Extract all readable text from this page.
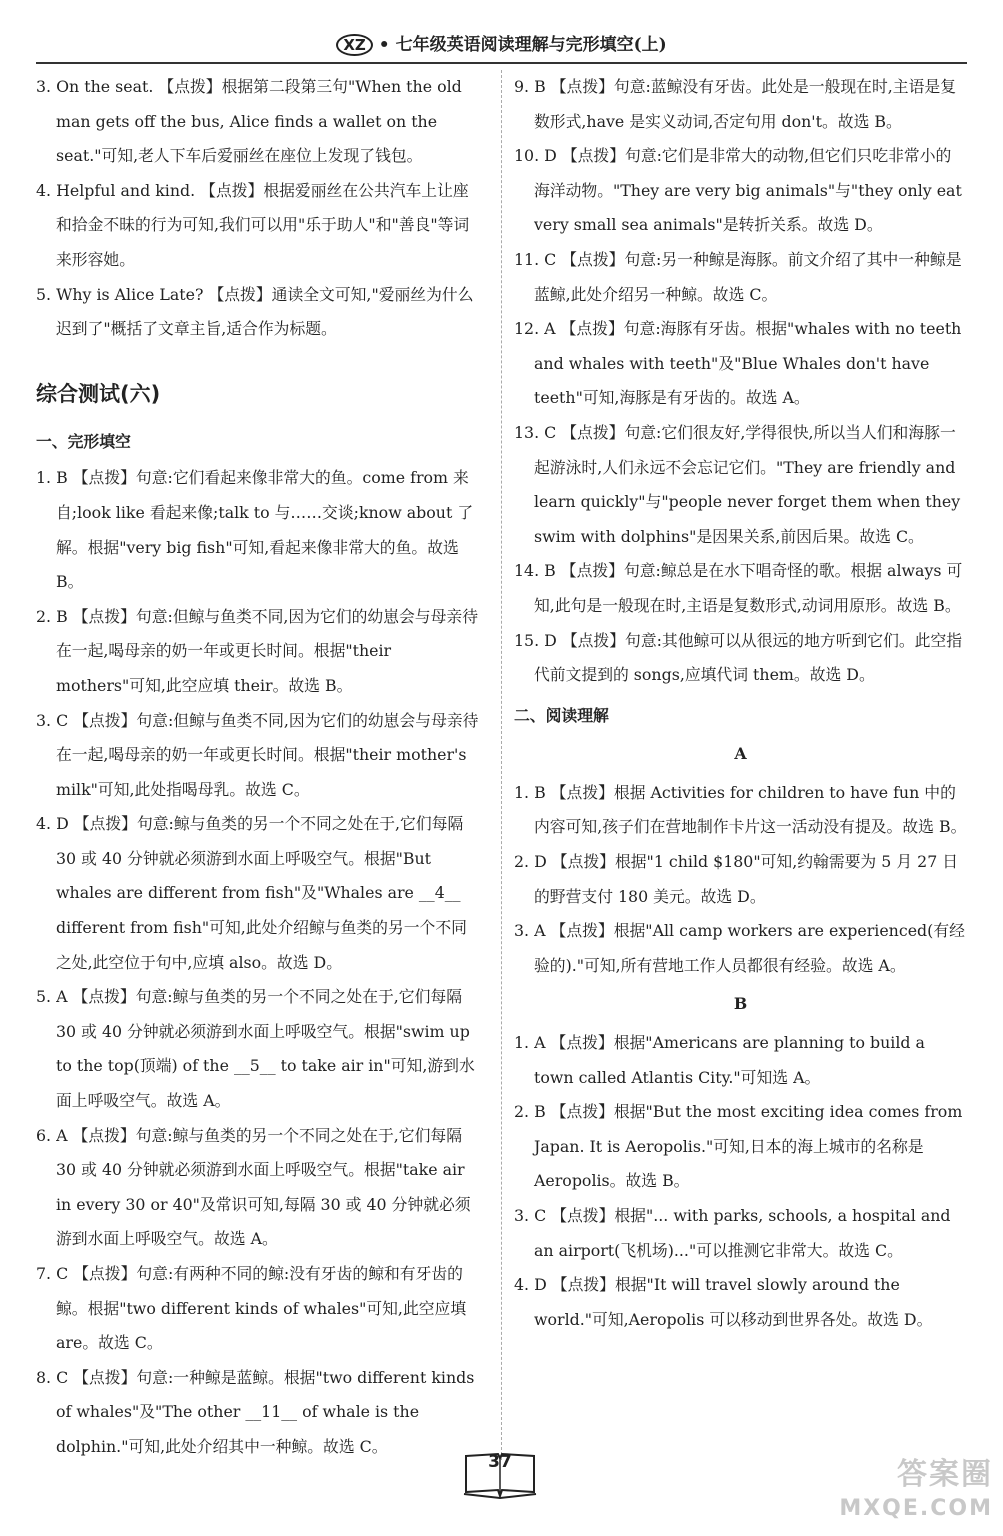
XZ • 七年级英语阅读理解与完形填空(上)

3. On the seat. 【点拨】根据第二段第三句"When the old man gets off the bus, Alice finds a wallet on the seat."可知,老人下车后爱丽丝在座位上发现了钱包。

4. Helpful and kind. 【点拨】根据爱丽丝在公共汽车上让座和拾金不昧的行为可知,我们可以用"乐于助人"和"善良"等词来形容她。

5. Why is Alice Late? 【点拨】通读全文可知,"爱丽丝为什么迟到了"概括了文章主旨,适合作为标题。

综合测试(六)
一、完形填空

1. B 【点拨】句意:它们看起来像非常大的鱼。come from 来自;look like 看起来像;talk to 与……交谈;know about 了解。根据"very big fish"可知,看起来像非常大的鱼。故选 B。

2. B 【点拨】句意:但鲸与鱼类不同,因为它们的幼崽会与母亲待在一起,喝母亲的奶一年或更长时间。根据"their mothers"可知,此空应填 their。故选 B。

3. C 【点拨】句意:但鲸与鱼类不同,因为它们的幼崽会与母亲待在一起,喝母亲的奶一年或更长时间。根据"their mother's milk"可知,此处指喝母乳。故选 C。

4. D 【点拨】句意:鲸与鱼类的另一个不同之处在于,它们每隔 30 或 40 分钟就必须游到水面上呼吸空气。根据"But whales are different from fish"及"Whales are __4__ different from fish"可知,此处介绍鲸与鱼类的另一个不同之处,此空位于句中,应填 also。故选 D。

5. A 【点拨】句意:鲸与鱼类的另一个不同之处在于,它们每隔 30 或 40 分钟就必须游到水面上呼吸空气。根据"swim up to the top(顶端) of the __5__ to take air in"可知,游到水面上呼吸空气。故选 A。

6. A 【点拨】句意:鲸与鱼类的另一个不同之处在于,它们每隔 30 或 40 分钟就必须游到水面上呼吸空气。根据"take air in every 30 or 40"及常识可知,每隔 30 或 40 分钟就必须游到水面上呼吸空气。故选 A。

7. C 【点拨】句意:有两种不同的鲸:没有牙齿的鲸和有牙齿的鲸。根据"two different kinds of whales"可知,此空应填 are。故选 C。

8. C 【点拨】句意:一种鲸是蓝鲸。根据"two different kinds of whales"及"The other __11__ of whale is the dolphin."可知,此处介绍其中一种鲸。故选 C。

9. B 【点拨】句意:蓝鲸没有牙齿。此处是一般现在时,主语是复数形式,have 是实义动词,否定句用 don't。故选 B。

10. D 【点拨】句意:它们是非常大的动物,但它们只吃非常小的海洋动物。"They are very big animals"与"they only eat very small sea animals"是转折关系。故选 D。

11. C 【点拨】句意:另一种鲸是海豚。前文介绍了其中一种鲸是蓝鲸,此处介绍另一种鲸。故选 C。

12. A 【点拨】句意:海豚有牙齿。根据"whales with no teeth and whales with teeth"及"Blue Whales don't have teeth"可知,海豚是有牙齿的。故选 A。

13. C 【点拨】句意:它们很友好,学得很快,所以当人们和海豚一起游泳时,人们永远不会忘记它们。"They are friendly and learn quickly"与"people never forget them when they swim with dolphins"是因果关系,前因后果。故选 C。

14. B 【点拨】句意:鲸总是在水下唱奇怪的歌。根据 always 可知,此句是一般现在时,主语是复数形式,动词用原形。故选 B。

15. D 【点拨】句意:其他鲸可以从很远的地方听到它们。此空指代前文提到的 songs,应填代词 them。故选 D。

二、阅读理解
A

1. B 【点拨】根据 Activities for children to have fun 中的内容可知,孩子们在营地制作卡片这一活动没有提及。故选 B。

2. D 【点拨】根据"1 child $180"可知,约翰需要为 5 月 27 日的野营支付 180 美元。故选 D。

3. A 【点拨】根据"All camp workers are experienced(有经验的)."可知,所有营地工作人员都很有经验。故选 A。

B

1. A 【点拨】根据"Americans are planning to build a town called Atlantis City."可知选 A。

2. B 【点拨】根据"But the most exciting idea comes from Japan. It is Aeropolis."可知,日本的海上城市的名称是 Aeropolis。故选 B。

3. C 【点拨】根据"... with parks, schools, a hospital and an airport(飞机场)..."可以推测它非常大。故选 C。

4. D 【点拨】根据"It will travel slowly around the world."可知,Aeropolis 可以移动到世界各处。故选 D。

37	答案圈
MXQE.COM
